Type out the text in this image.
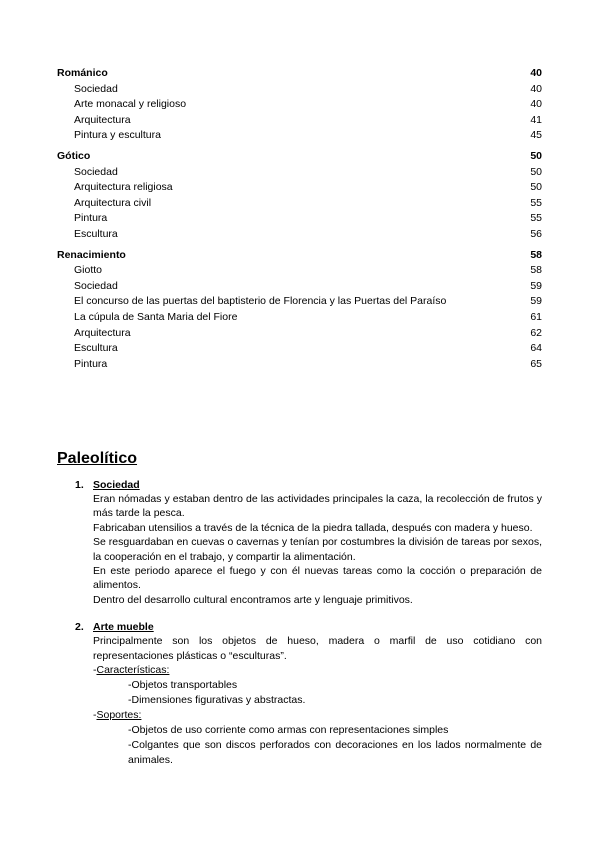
Románico	40
Sociedad	40
Arte monacal y religioso	40
Arquitectura	41
Pintura y escultura	45
Gótico	50
Sociedad	50
Arquitectura religiosa	50
Arquitectura civil	55
Pintura	55
Escultura	56
Renacimiento	58
Giotto	58
Sociedad	59
El concurso de las puertas del baptisterio de Florencia y las Puertas del Paraíso	59
La cúpula de Santa Maria del Fiore	61
Arquitectura	62
Escultura	64
Pintura	65
Paleolítico
1. Sociedad

Eran nómadas y estaban dentro de las actividades principales la caza, la recolección de frutos y más tarde la pesca.

Fabricaban utensilios a través de la técnica de la piedra tallada, después con madera y hueso.

Se resguardaban en cuevas o cavernas y tenían por costumbres la división de tareas por sexos, la cooperación en el trabajo, y compartir la alimentación.

En este periodo aparece el fuego y con él nuevas tareas como la cocción o preparación de alimentos.

Dentro del desarrollo cultural encontramos arte y lenguaje primitivos.

2. Arte mueble

Principalmente son los objetos de hueso, madera o marfil de uso cotidiano con representaciones plásticas o “esculturas”.

-Características:

-Objetos transportables

-Dimensiones figurativas y abstractas.

-Soportes:

-Objetos de uso corriente como armas con representaciones simples

-Colgantes que son discos perforados con decoraciones en los lados normalmente de animales.
